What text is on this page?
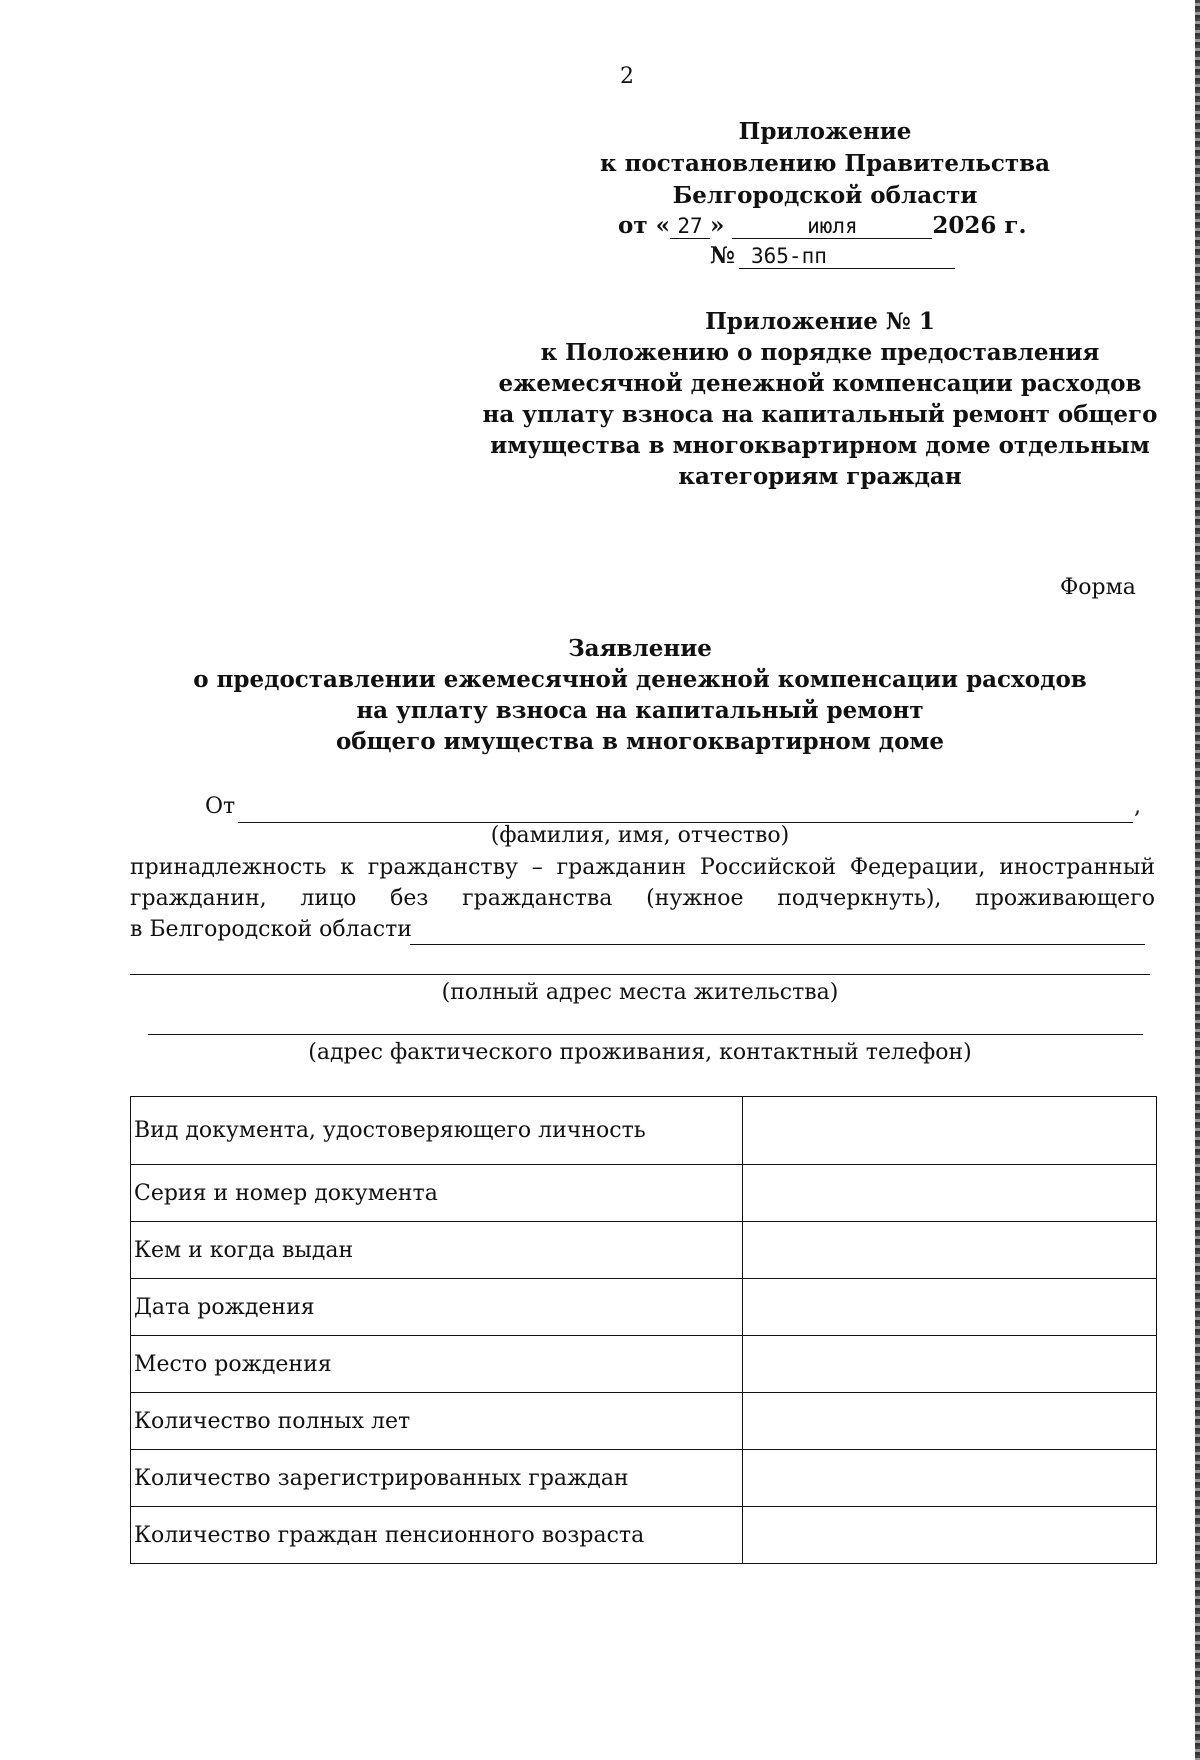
2
Приложение
к постановлению Правительства
Белгородской области
от « 27 »	июля	2026 г.
№ 365-пп
Приложение № 1
к Положению о порядке предоставления
ежемесячной денежной компенсации расходов
на уплату взноса на капитальный ремонт общего
имущества в многоквартирном доме отдельным
категориям граждан
Форма
Заявление
о предоставлении ежемесячной денежной компенсации расходов
на уплату взноса на капитальный ремонт
общего имущества в многоквартирном доме
От	,
(фамилия, имя, отчество)
принадлежность к гражданству – гражданин Российской Федерации, иностранный
гражданин, лицо без гражданства (нужное подчеркнуть), проживающего
в Белгородской области
(полный адрес места жительства)
(адрес фактического проживания, контактный телефон)
Вид документа, удостоверяющего личность	
Серия и номер документа	
Кем и когда выдан	
Дата рождения	
Место рождения	
Количество полных лет	
Количество зарегистрированных граждан	
Количество граждан пенсионного возраста	
